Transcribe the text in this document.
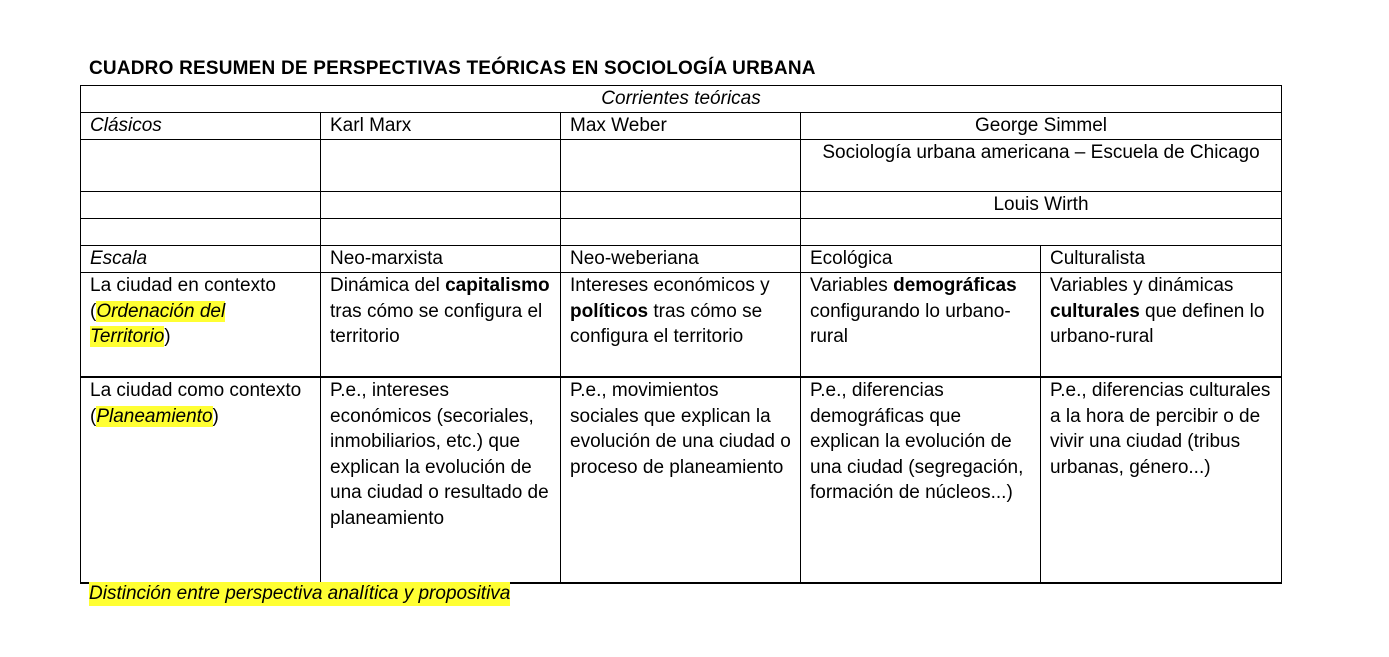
CUADRO RESUMEN DE PERSPECTIVAS TEÓRICAS EN SOCIOLOGÍA URBANA
Corrientes teóricas				
Clásicos	Karl Marx	Max Weber	George Simmel	
			Sociología urbana americana – Escuela de Chicago	
			Louis Wirth	

Escala	Neo-marxista	Neo-weberiana	Ecológica	Culturalista
La ciudad en contexto (Ordenación del Territorio)	Dinámica del capitalismo tras cómo se configura el territorio	Intereses económicos y políticos tras cómo se configura el territorio	Variables demográficas configurando lo urbano-rural	Variables y dinámicas culturales que definen lo urbano-rural
La ciudad como contexto (Planeamiento)	P.e., intereses económicos (secoriales, inmobiliarios, etc.) que explican la evolución de una ciudad o resultado de planeamiento	P.e., movimientos sociales que explican la evolución de una ciudad o proceso de planeamiento	P.e., diferencias demográficas que explican la evolución de una ciudad (segregación, formación de núcleos...)	P.e., diferencias culturales a la hora de percibir o de vivir una ciudad (tribus urbanas, género...)
Distinción entre perspectiva analítica y propositiva
